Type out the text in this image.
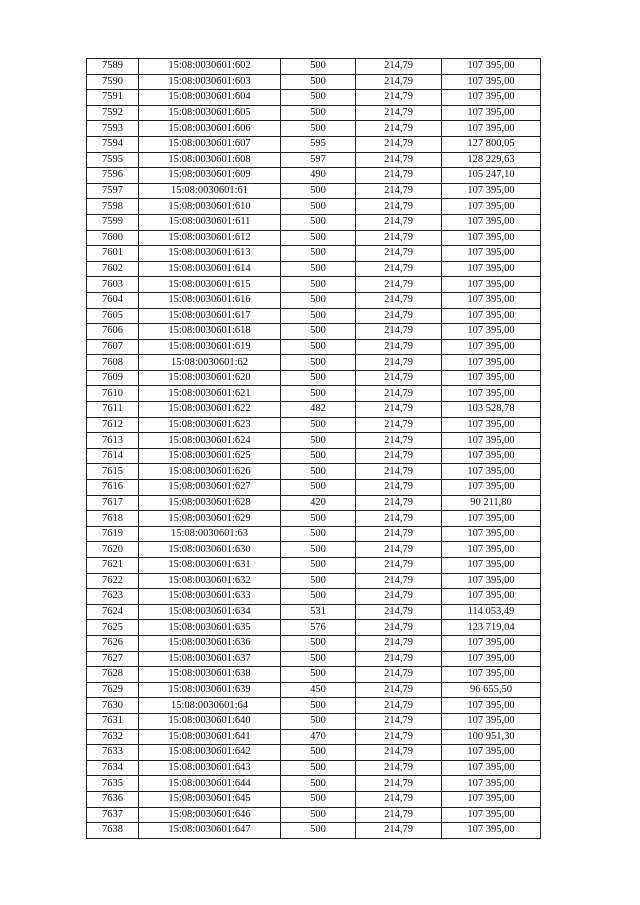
7589	15:08:0030601:602	500	214,79	107 395,00
7590	15:08:0030601:603	500	214,79	107 395,00
7591	15:08:0030601:604	500	214,79	107 395,00
7592	15:08:0030601:605	500	214,79	107 395,00
7593	15:08:0030601:606	500	214,79	107 395,00
7594	15:08:0030601:607	595	214,79	127 800,05
7595	15:08:0030601:608	597	214,79	128 229,63
7596	15:08:0030601:609	490	214,79	105 247,10
7597	15:08:0030601:61	500	214,79	107 395,00
7598	15:08:0030601:610	500	214,79	107 395,00
7599	15:08:0030601:611	500	214,79	107 395,00
7600	15:08:0030601:612	500	214,79	107 395,00
7601	15:08:0030601:613	500	214,79	107 395,00
7602	15:08:0030601:614	500	214,79	107 395,00
7603	15:08:0030601:615	500	214,79	107 395,00
7604	15:08:0030601:616	500	214,79	107 395,00
7605	15:08:0030601:617	500	214,79	107 395,00
7606	15:08:0030601:618	500	214,79	107 395,00
7607	15:08:0030601:619	500	214,79	107 395,00
7608	15:08:0030601:62	500	214,79	107 395,00
7609	15:08:0030601:620	500	214,79	107 395,00
7610	15:08:0030601:621	500	214,79	107 395,00
7611	15:08:0030601:622	482	214,79	103 528,78
7612	15:08:0030601:623	500	214,79	107 395,00
7613	15:08:0030601:624	500	214,79	107 395,00
7614	15:08:0030601:625	500	214,79	107 395,00
7615	15:08:0030601:626	500	214,79	107 395,00
7616	15:08:0030601:627	500	214,79	107 395,00
7617	15:08:0030601:628	420	214,79	90 211,80
7618	15:08:0030601:629	500	214,79	107 395,00
7619	15:08:0030601:63	500	214,79	107 395,00
7620	15:08:0030601:630	500	214,79	107 395,00
7621	15:08:0030601:631	500	214,79	107 395,00
7622	15:08:0030601:632	500	214,79	107 395,00
7623	15:08:0030601:633	500	214,79	107 395,00
7624	15:08:0030601:634	531	214,79	114 053,49
7625	15:08:0030601:635	576	214,79	123 719,04
7626	15:08:0030601:636	500	214,79	107 395,00
7627	15:08:0030601:637	500	214,79	107 395,00
7628	15:08:0030601:638	500	214,79	107 395,00
7629	15:08:0030601:639	450	214,79	96 655,50
7630	15:08:0030601:64	500	214,79	107 395,00
7631	15:08:0030601:640	500	214,79	107 395,00
7632	15:08:0030601:641	470	214,79	100 951,30
7633	15:08:0030601:642	500	214,79	107 395,00
7634	15:08:0030601:643	500	214,79	107 395,00
7635	15:08:0030601:644	500	214,79	107 395,00
7636	15:08:0030601:645	500	214,79	107 395,00
7637	15:08:0030601:646	500	214,79	107 395,00
7638	15:08:0030601:647	500	214,79	107 395,00
